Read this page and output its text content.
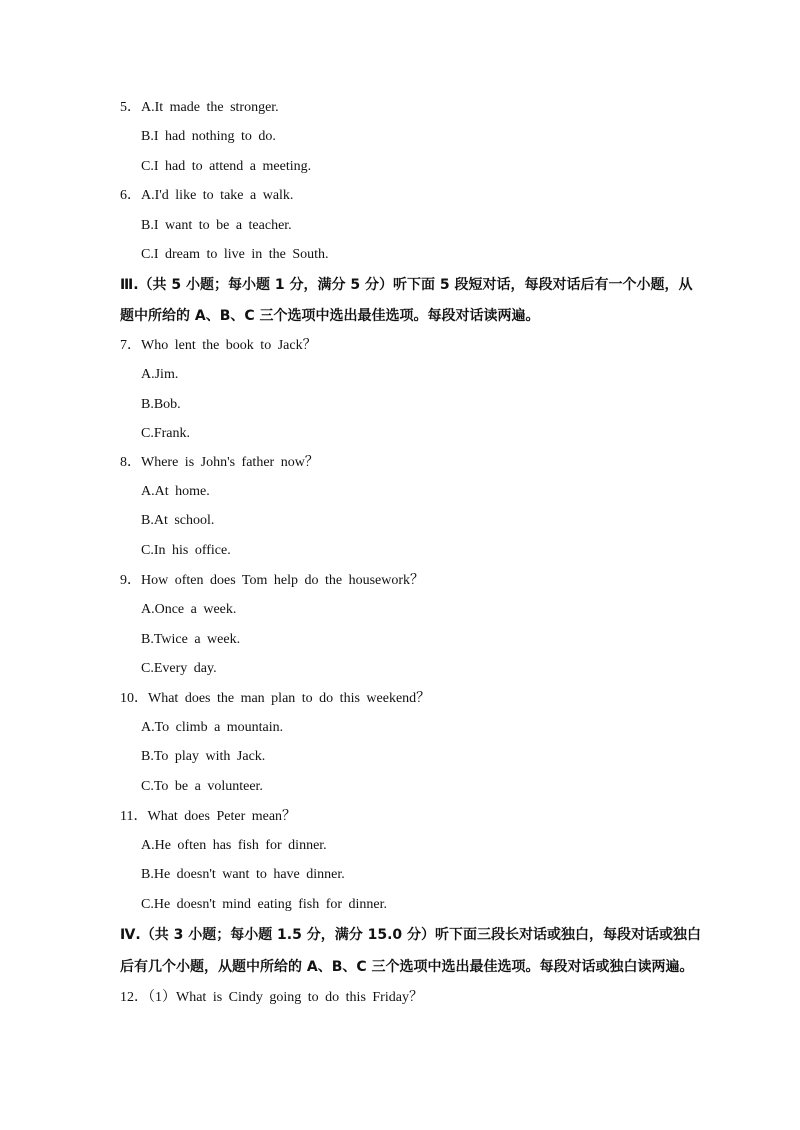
5．A.It made the stronger.
B.I had nothing to do.
C.I had to attend a meeting.
6．A.I'd like to take a walk.
B.I want to be a teacher.
C.I dream to live in the South.
Ⅲ.（共 5 小题；每小题 1 分，满分 5 分）听下面 5 段短对话，每段对话后有一个小题，从
题中所给的 A、B、C 三个选项中选出最佳选项。每段对话读两遍。
7．Who lent the book to Jack？
A.Jim.
B.Bob.
C.Frank.
8．Where is John's father now？
A.At home.
B.At school.
C.In his office.
9．How often does Tom help do the housework？
A.Once a week.
B.Twice a week.
C.Every day.
10．What does the man plan to do this weekend？
A.To climb a mountain.
B.To play with Jack.
C.To be a volunteer.
11．What does Peter mean？
A.He often has fish for dinner.
B.He doesn't want to have dinner.
C.He doesn't mind eating fish for dinner.
Ⅳ.（共 3 小题；每小题 1.5 分，满分 15.0 分）听下面三段长对话或独白，每段对话或独白
后有几个小题，从题中所给的 A、B、C 三个选项中选出最佳选项。每段对话或独白读两遍。
12．（1）What is Cindy going to do this Friday？
